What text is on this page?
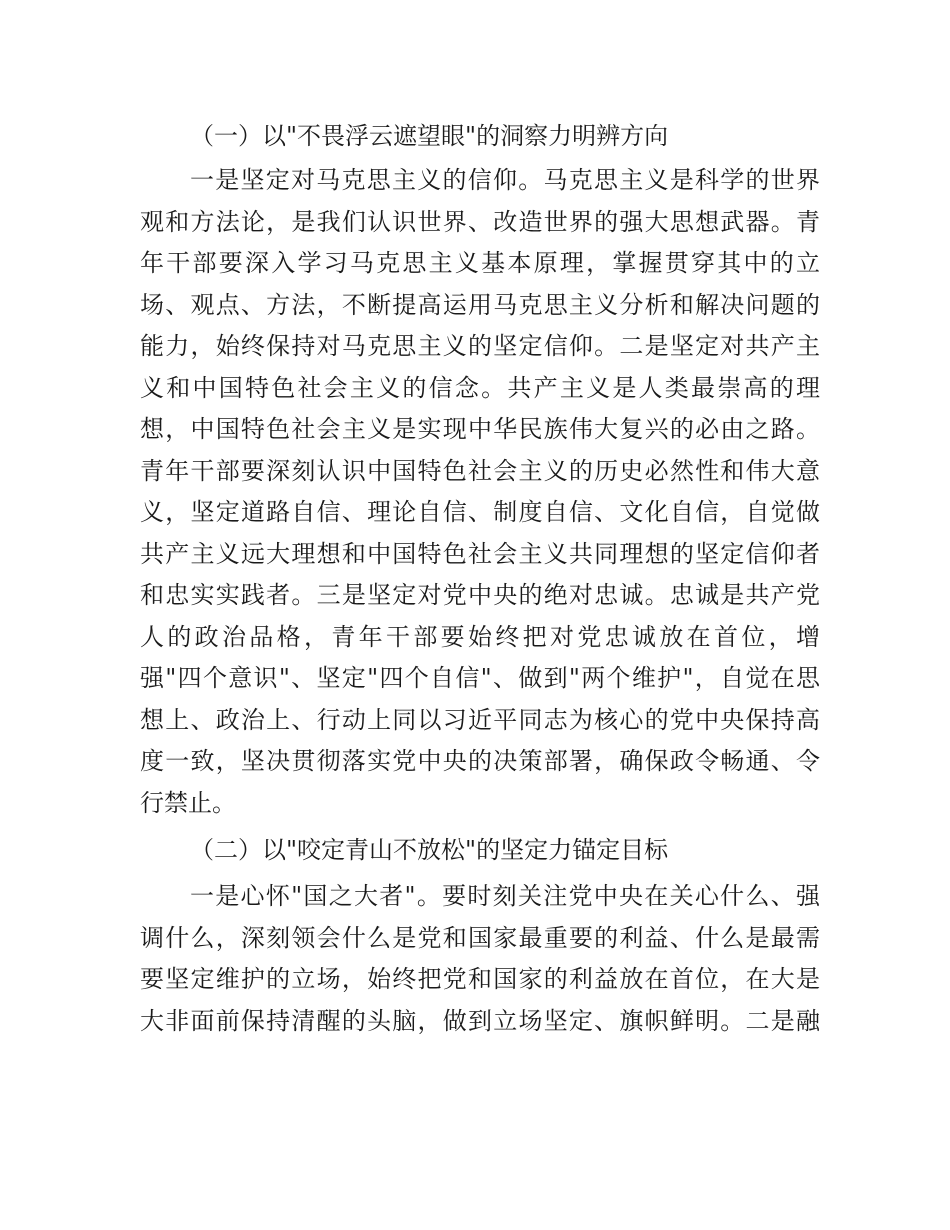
（一）以"不畏浮云遮望眼"的洞察力明辨方向
一是坚定对马克思主义的信仰。马克思主义是科学的世界
观和方法论，是我们认识世界、改造世界的强大思想武器。青
年干部要深入学习马克思主义基本原理，掌握贯穿其中的立
场、观点、方法，不断提高运用马克思主义分析和解决问题的
能力，始终保持对马克思主义的坚定信仰。二是坚定对共产主
义和中国特色社会主义的信念。共产主义是人类最崇高的理
想，中国特色社会主义是实现中华民族伟大复兴的必由之路。
青年干部要深刻认识中国特色社会主义的历史必然性和伟大意
义，坚定道路自信、理论自信、制度自信、文化自信，自觉做
共产主义远大理想和中国特色社会主义共同理想的坚定信仰者
和忠实实践者。三是坚定对党中央的绝对忠诚。忠诚是共产党
人的政治品格，青年干部要始终把对党忠诚放在首位，增
强"四个意识"、坚定"四个自信"、做到"两个维护"，自觉在思
想上、政治上、行动上同以习近平同志为核心的党中央保持高
度一致，坚决贯彻落实党中央的决策部署，确保政令畅通、令
行禁止。
（二）以"咬定青山不放松"的坚定力锚定目标
一是心怀"国之大者"。要时刻关注党中央在关心什么、强
调什么，深刻领会什么是党和国家最重要的利益、什么是最需
要坚定维护的立场，始终把党和国家的利益放在首位，在大是
大非面前保持清醒的头脑，做到立场坚定、旗帜鲜明。二是融
